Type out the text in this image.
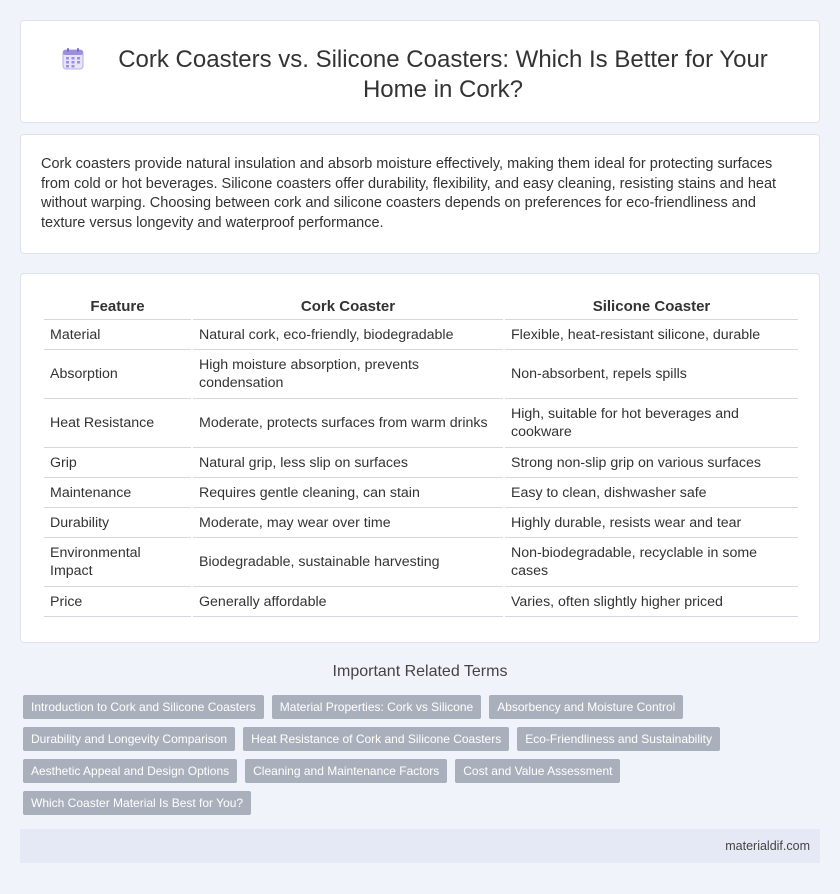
Cork Coasters vs. Silicone Coasters: Which Is Better for Your Home in Cork?

Cork coasters provide natural insulation and absorb moisture effectively, making them ideal for protecting surfaces from cold or hot beverages. Silicone coasters offer durability, flexibility, and easy cleaning, resisting stains and heat without warping. Choosing between cork and silicone coasters depends on preferences for eco-friendliness and texture versus longevity and waterproof performance.

Feature	Cork Coaster	Silicone Coaster
Material	Natural cork, eco-friendly, biodegradable	Flexible, heat-resistant silicone, durable
Absorption	High moisture absorption, prevents condensation	Non-absorbent, repels spills
Heat Resistance	Moderate, protects surfaces from warm drinks	High, suitable for hot beverages and cookware
Grip	Natural grip, less slip on surfaces	Strong non-slip grip on various surfaces
Maintenance	Requires gentle cleaning, can stain	Easy to clean, dishwasher safe
Durability	Moderate, may wear over time	Highly durable, resists wear and tear
Environmental Impact	Biodegradable, sustainable harvesting	Non-biodegradable, recyclable in some cases
Price	Generally affordable	Varies, often slightly higher priced
Important Related Terms
Introduction to Cork and Silicone Coasters	Material Properties: Cork vs Silicone	Absorbency and Moisture Control
Durability and Longevity Comparison	Heat Resistance of Cork and Silicone Coasters	Eco-Friendliness and Sustainability
Aesthetic Appeal and Design Options	Cleaning and Maintenance Factors	Cost and Value Assessment
Which Coaster Material Is Best for You?
materialdif.com
